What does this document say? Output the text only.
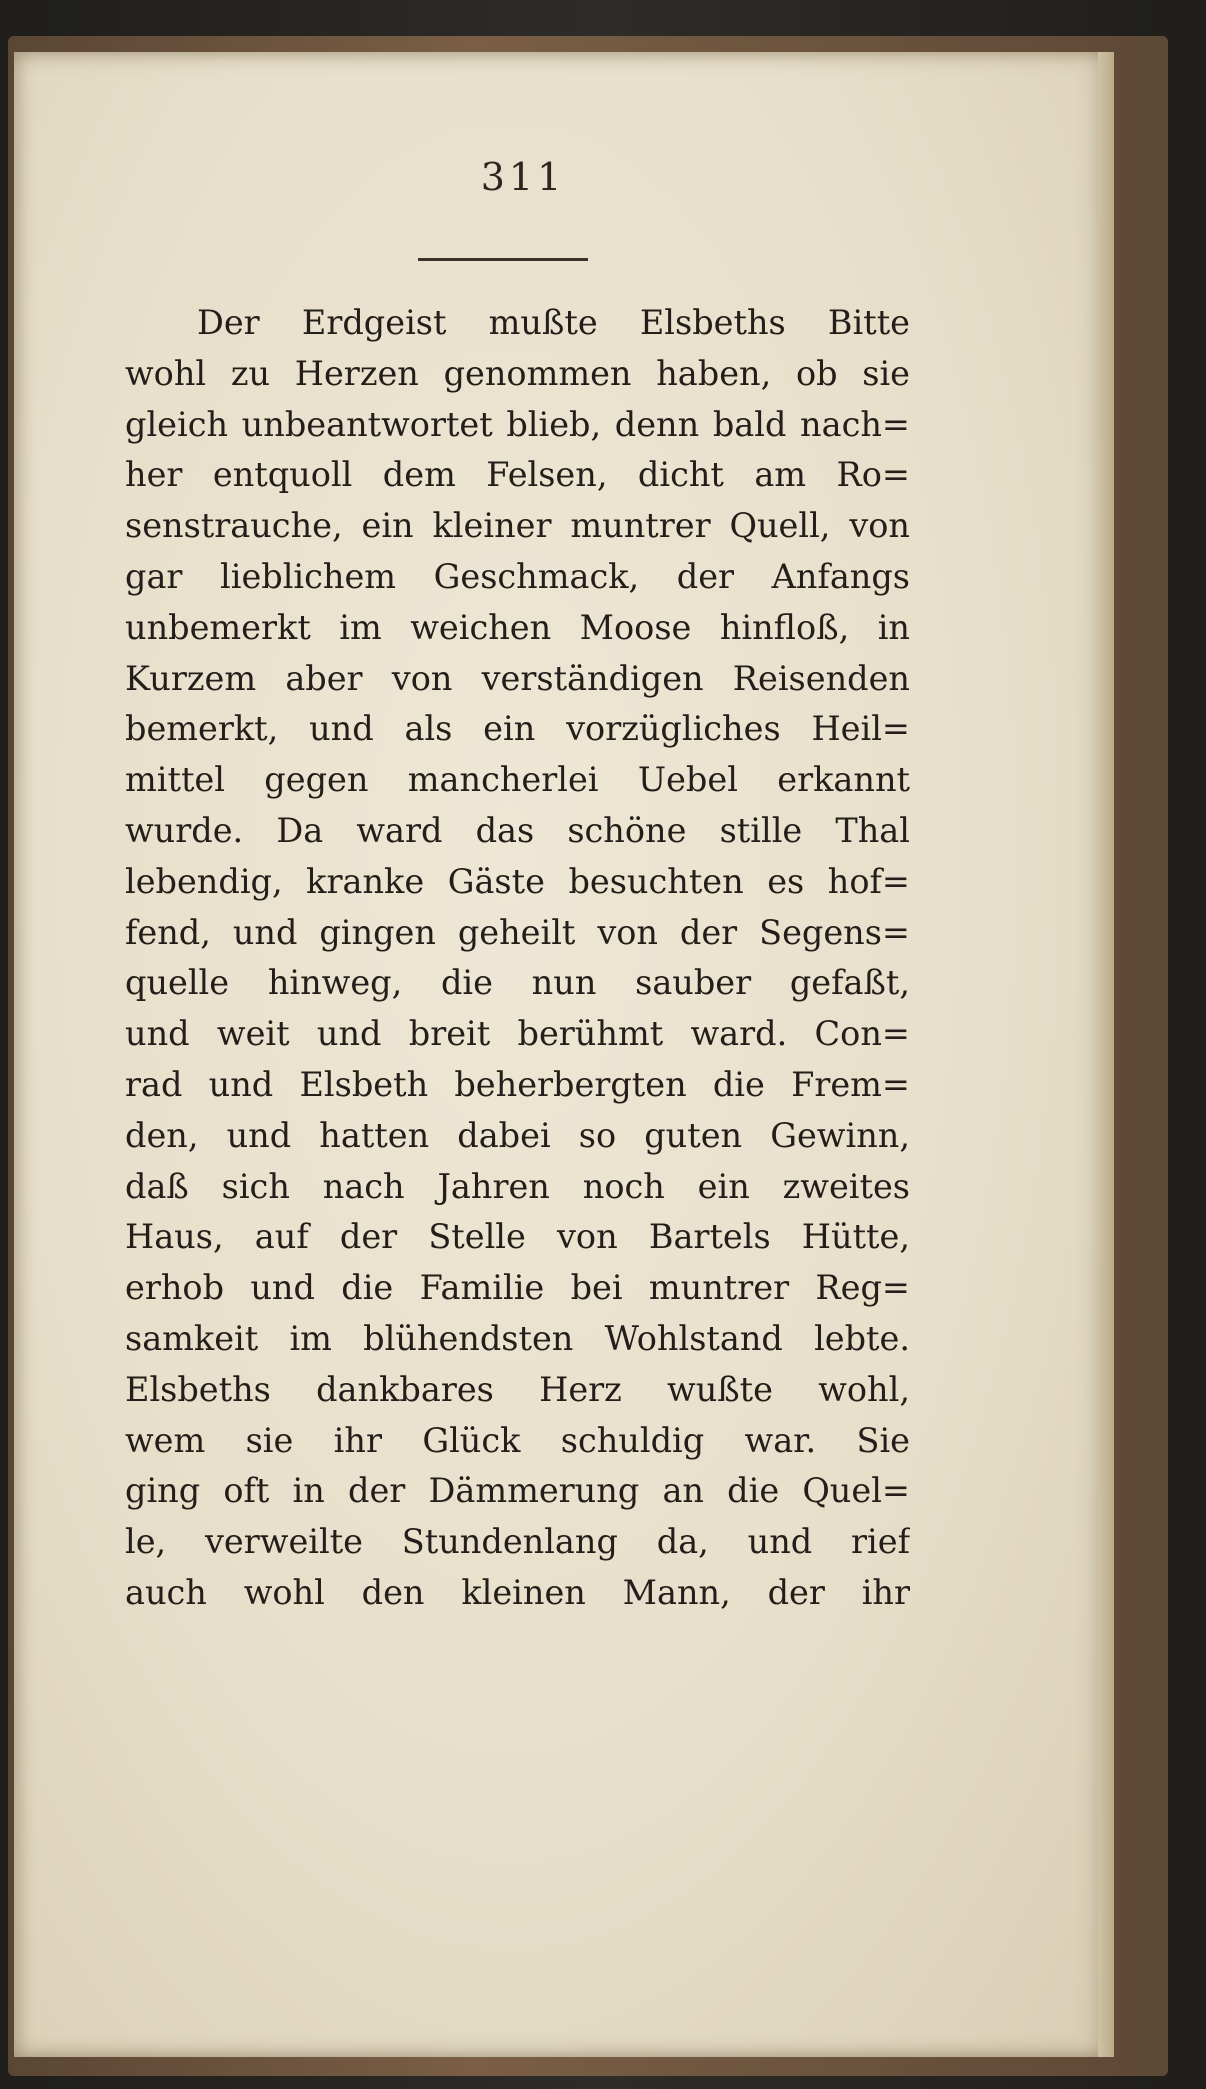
311
Der Erdgeist mußte Elsbeths Bitte
wohl zu Herzen genommen haben, ob sie
gleich unbeantwortet blieb, denn bald nach=
her entquoll dem Felsen, dicht am Ro=
senstrauche, ein kleiner muntrer Quell, von
gar lieblichem Geschmack, der Anfangs
unbemerkt im weichen Moose hinfloß, in
Kurzem aber von verständigen Reisenden
bemerkt, und als ein vorzügliches Heil=
mittel gegen mancherlei Uebel erkannt
wurde. Da ward das schöne stille Thal
lebendig, kranke Gäste besuchten es hof=
fend, und gingen geheilt von der Segens=
quelle hinweg, die nun sauber gefaßt,
und weit und breit berühmt ward. Con=
rad und Elsbeth beherbergten die Frem=
den, und hatten dabei so guten Gewinn,
daß sich nach Jahren noch ein zweites
Haus, auf der Stelle von Bartels Hütte,
erhob und die Familie bei muntrer Reg=
samkeit im blühendsten Wohlstand lebte.
Elsbeths dankbares Herz wußte wohl,
wem sie ihr Glück schuldig war. Sie
ging oft in der Dämmerung an die Quel=
le, verweilte Stundenlang da, und rief
auch wohl den kleinen Mann, der ihr
